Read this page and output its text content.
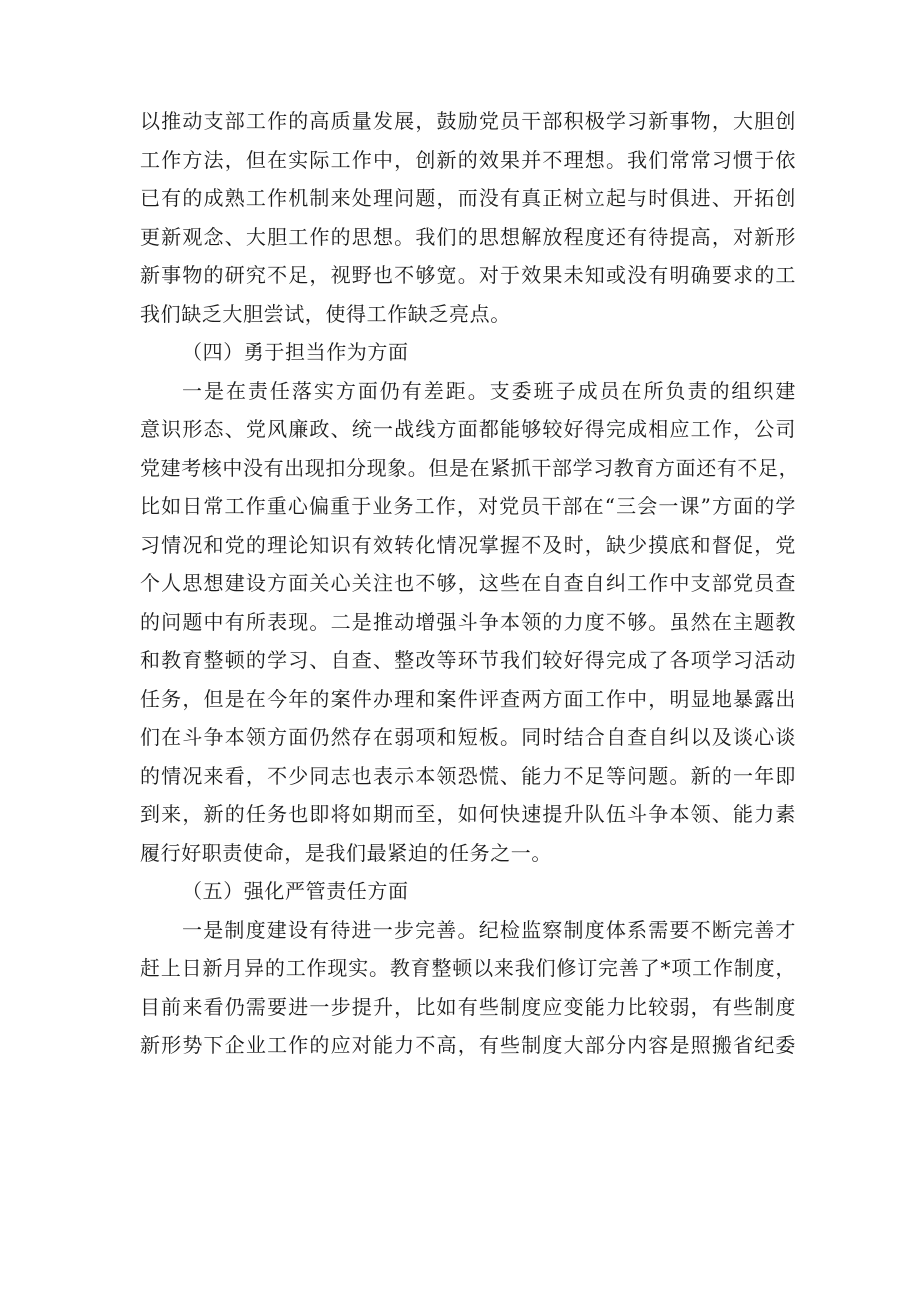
以推动支部工作的高质量发展，鼓励党员干部积极学习新事物，大胆创
工作方法，但在实际工作中，创新的效果并不理想。我们常常习惯于依
已有的成熟工作机制来处理问题，而没有真正树立起与时俱进、开拓创
更新观念、大胆工作的思想。我们的思想解放程度还有待提高，对新形
新事物的研究不足，视野也不够宽。对于效果未知或没有明确要求的工
我们缺乏大胆尝试，使得工作缺乏亮点。
（四）勇于担当作为方面
一是在责任落实方面仍有差距。支委班子成员在所负责的组织建
意识形态、党风廉政、统一战线方面都能够较好得完成相应工作，公司
党建考核中没有出现扣分现象。但是在紧抓干部学习教育方面还有不足，
比如日常工作重心偏重于业务工作，对党员干部在“三会一课”方面的学
习情况和党的理论知识有效转化情况掌握不及时，缺少摸底和督促，党
个人思想建设方面关心关注也不够，这些在自查自纠工作中支部党员查
的问题中有所表现。二是推动增强斗争本领的力度不够。虽然在主题教
和教育整顿的学习、自查、整改等环节我们较好得完成了各项学习活动
任务，但是在今年的案件办理和案件评查两方面工作中，明显地暴露出
们在斗争本领方面仍然存在弱项和短板。同时结合自查自纠以及谈心谈
的情况来看，不少同志也表示本领恐慌、能力不足等问题。新的一年即
到来，新的任务也即将如期而至，如何快速提升队伍斗争本领、能力素
履行好职责使命，是我们最紧迫的任务之一。
（五）强化严管责任方面
一是制度建设有待进一步完善。纪检监察制度体系需要不断完善才
赶上日新月异的工作现实。教育整顿以来我们修订完善了*项工作制度，
目前来看仍需要进一步提升，比如有些制度应变能力比较弱，有些制度
新形势下企业工作的应对能力不高，有些制度大部分内容是照搬省纪委
